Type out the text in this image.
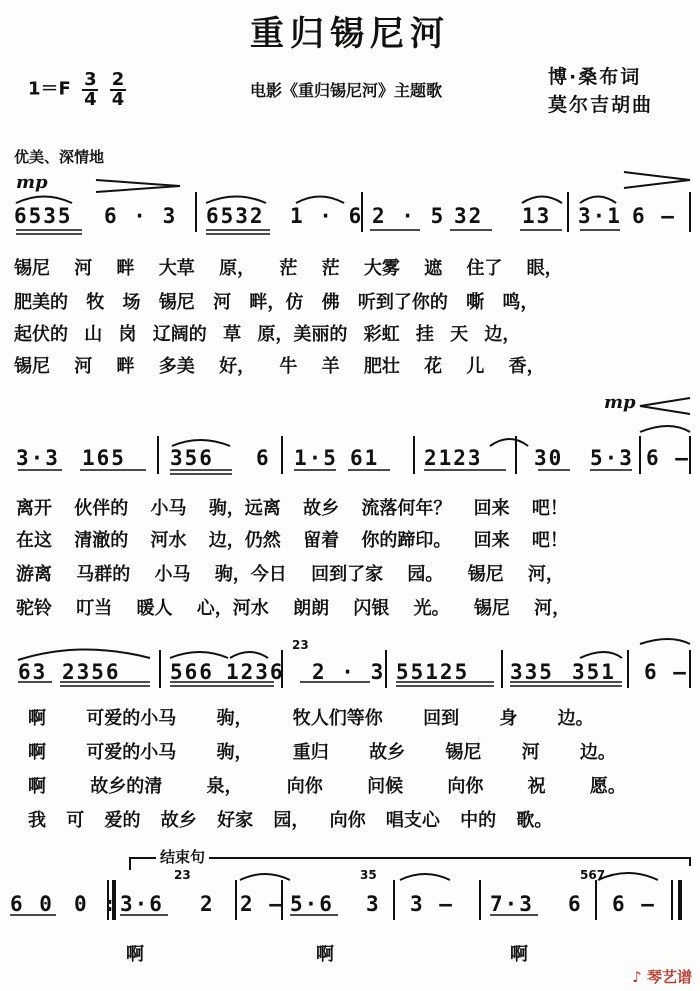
重归锡尼河
$1=F \frac{3}{4}$
$\frac{2}{4}$	电影《重归锡尼河》主题歌
博·桑布词
莫尔吉胡曲
优美、深情地
mp
mp
6535 6 · 3 6532 1 · 6 2 · 5 32 13 3·1 6 —
锡尼 河 畔 大草 原， 茫 茫 大雾 遮 住了 眼，
肥美的 牧 场 锡尼 河 畔，仿 佛 听到了你的 嘶 鸣，
起伏的 山 岗 辽阔的 草 原，美丽的 彩虹 挂 天 边，
锡尼 河 畔 多美 好， 牛 羊 肥壮 花 儿 香，
3·3 165 356 6 1·5 61 2123 30 5·3 6 —
离开 伙伴的 小马 驹，远离 故乡 流落何年？ 回来 吧！
在这 清澈的 河水 边，仍然 留着 你的蹄印。 回来 吧！
游离 马群的 小马 驹，今日 回到了家 园。 锡尼 河，
驼铃 叮当 暖人 心，河水 朗朗 闪银 光。 锡尼 河，
23
63 2356 566 1236 2 · 3 55125 335 351 6 —
啊 可爱的小马 驹， 牧人们等你 回到 身 边。
啊 可爱的小马 驹， 重归 故乡 锡尼 河 边。
啊 故乡的清 泉， 向你 问候 向你 祝 愿。
我 可 爱的 故乡 好家 园， 向你 唱支心 中的 歌。
结束句
23	35	567
6 0 0 : 3·6 2 2 — 5·6 3 3 — 7·3 6 6 —
啊	啊	啊
♪ 琴艺谱
